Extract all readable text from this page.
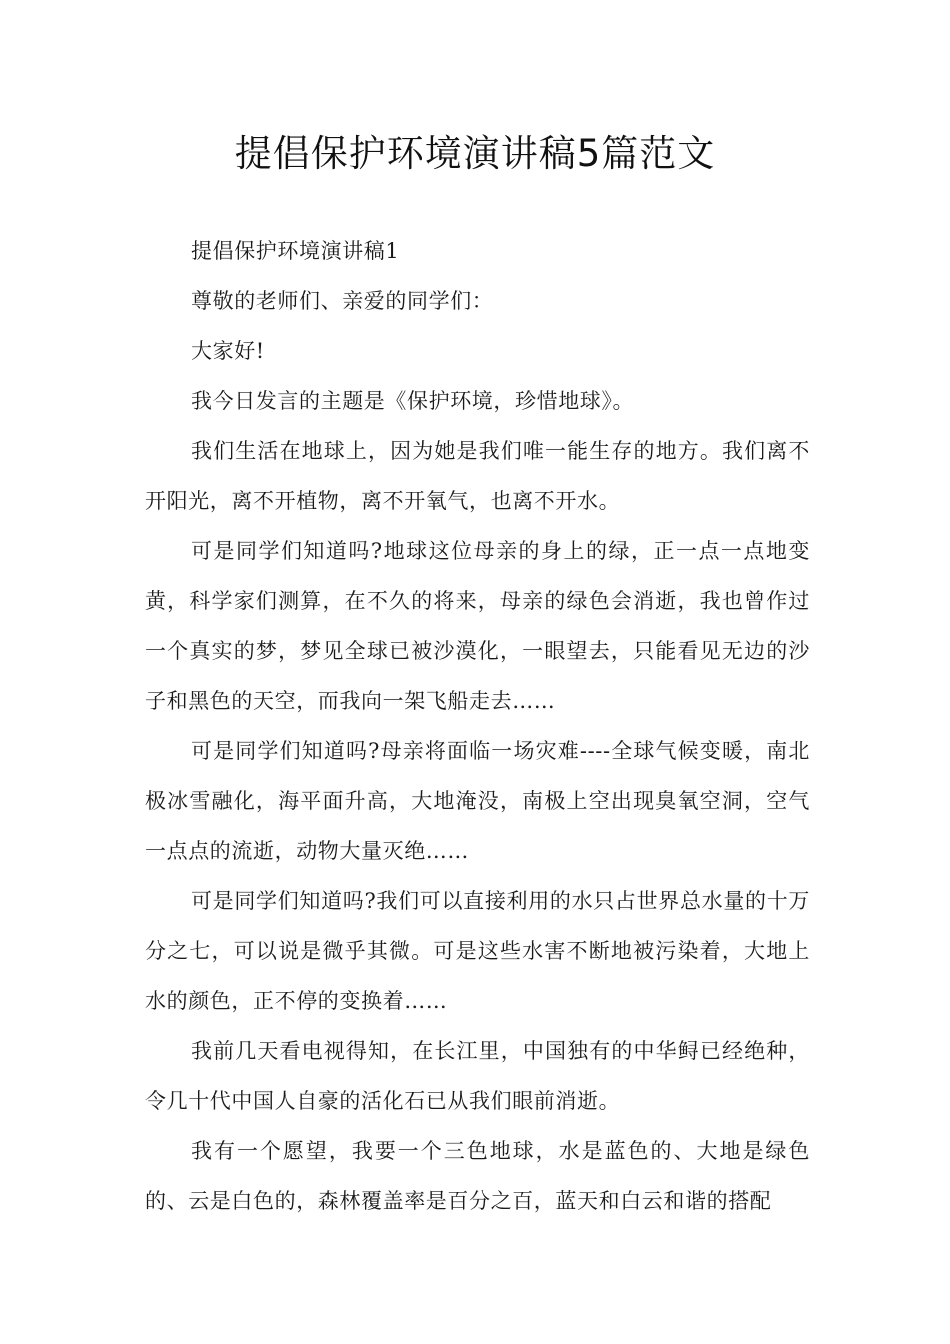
提倡保护环境演讲稿5篇范文

提倡保护环境演讲稿1

尊敬的老师们、亲爱的同学们：

大家好!

我今日发言的主题是《保护环境，珍惜地球》。

我们生活在地球上，因为她是我们唯一能生存的地方。我们离不开阳光，离不开植物，离不开氧气，也离不开水。

可是同学们知道吗?地球这位母亲的身上的绿，正一点一点地变黄，科学家们测算，在不久的将来，母亲的绿色会消逝，我也曾作过一个真实的梦，梦见全球已被沙漠化，一眼望去，只能看见无边的沙子和黑色的天空，而我向一架飞船走去……

可是同学们知道吗?母亲将面临一场灾难----全球气候变暖，南北极冰雪融化，海平面升高，大地淹没，南极上空出现臭氧空洞，空气一点点的流逝，动物大量灭绝……

可是同学们知道吗?我们可以直接利用的水只占世界总水量的十万分之七，可以说是微乎其微。可是这些水害不断地被污染着，大地上水的颜色，正不停的变换着……

我前几天看电视得知，在长江里，中国独有的中华鲟已经绝种，令几十代中国人自豪的活化石已从我们眼前消逝。

我有一个愿望，我要一个三色地球，水是蓝色的、大地是绿色的、云是白色的，森林覆盖率是百分之百，蓝天和白云和谐的搭配
